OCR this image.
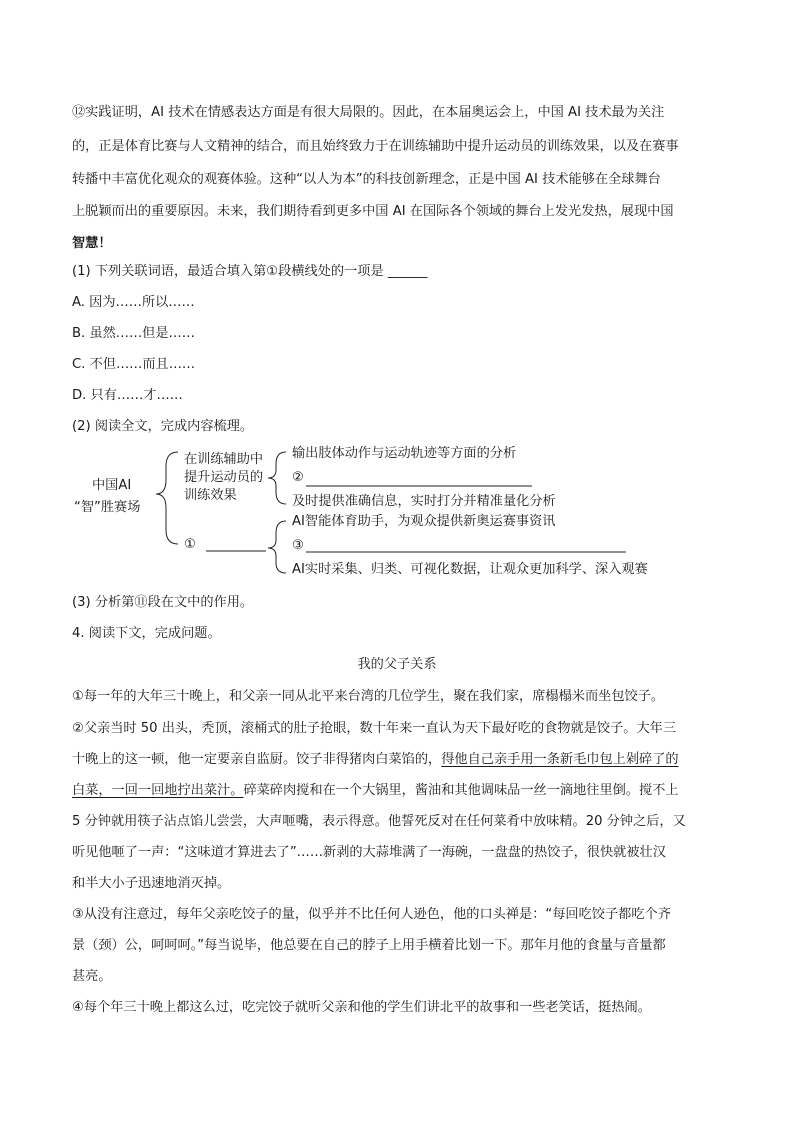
⑫实践证明，AI 技术在情感表达方面是有很大局限的。因此，在本届奥运会上，中国 AI 技术最为关注
的，正是体育比赛与人文精神的结合，而且始终致力于在训练辅助中提升运动员的训练效果，以及在赛事
转播中丰富优化观众的观赛体验。这种“以人为本”的科技创新理念，正是中国 AI 技术能够在全球舞台
上脱颖而出的重要原因。未来，我们期待看到更多中国 AI 在国际各个领域的舞台上发光发热，展现中国
智慧！
(1) 下列关联词语，最适合填入第①段横线处的一项是 ______
A. 因为……所以……
B. 虽然……但是……
C. 不但……而且……
D. 只有……才……
(2) 阅读全文，完成内容梳理。
中国AI
“智”胜赛场
在训练辅助中
提升运动员的
训练效果
输出肢体动作与运动轨迹等方面的分析
②
及时提供准确信息，实时打分并精准量化分析
①
AI智能体育助手，为观众提供新奥运赛事资讯
③
AI实时采集、归类、可视化数据，让观众更加科学、深入观赛
(3) 分析第⑪段在文中的作用。
4. 阅读下文，完成问题。
我的父子关系
①每一年的大年三十晚上，和父亲一同从北平来台湾的几位学生，聚在我们家，席榻榻米而坐包饺子。
②父亲当时 50 出头，秃顶，滚桶式的肚子抢眼，数十年来一直认为天下最好吃的食物就是饺子。大年三
十晚上的这一顿，他一定要亲自监厨。饺子非得猪肉白菜馅的，得他自己亲手用一条新毛巾包上剁碎了的
白菜，一回一回地拧出菜汁。碎菜碎肉搅和在一个大锅里，酱油和其他调味品一丝一滴地往里倒。搅不上
5 分钟就用筷子沾点馅儿尝尝，大声咂嘴，表示得意。他誓死反对在任何菜肴中放味精。20 分钟之后，又
听见他咂了一声：“这味道才算进去了”……新剥的大蒜堆满了一海碗，一盘盘的热饺子，很快就被壮汉
和半大小子迅速地消灭掉。
③从没有注意过，每年父亲吃饺子的量，似乎并不比任何人逊色，他的口头禅是：“每回吃饺子都吃个齐
景（颈）公，呵呵呵。”每当说毕，他总要在自己的脖子上用手横着比划一下。那年月他的食量与音量都
甚亮。
④每个年三十晚上都这么过，吃完饺子就听父亲和他的学生们讲北平的故事和一些老笑话，挺热闹。
